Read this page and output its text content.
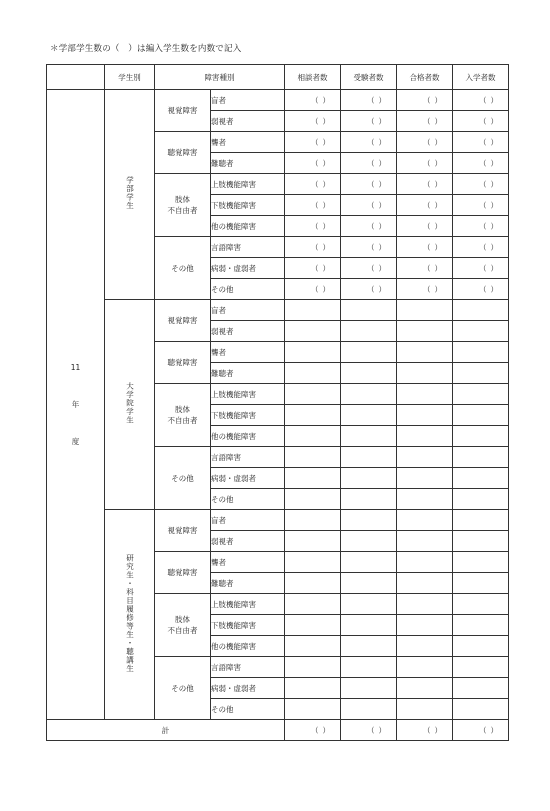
＊学部学生数の（　）は編入学生数を内数で記入
	学生別	障害種別		相談者数	受験者数	合格者数	入学者数

11
年
度	学部学生	視覚障害	盲者	（ ）	（ ）	（ ）	（ ）

			弱視者	（ ）	（ ）	（ ）	（ ）

		聴覚障害	聾者	（ ）	（ ）	（ ）	（ ）

			難聴者	（ ）	（ ）	（ ）	（ ）

		肢体
不自由者	上肢機能障害	（ ）	（ ）	（ ）	（ ）

			下肢機能障害	（ ）	（ ）	（ ）	（ ）

			他の機能障害	（ ）	（ ）	（ ）	（ ）

		その他	言語障害	（ ）	（ ）	（ ）	（ ）

			病弱・虚弱者	（ ）	（ ）	（ ）	（ ）

			その他	（ ）	（ ）	（ ）	（ ）

	大学院学生	視覚障害	盲者				
			弱視者				
		聴覚障害	聾者				
			難聴者				
		肢体
不自由者	上肢機能障害				
			下肢機能障害				
			他の機能障害				
		その他	言語障害				
			病弱・虚弱者				
			その他				
	研究生・科目履修等生・聴講生	視覚障害	盲者				
			弱視者				
		聴覚障害	聾者				
			難聴者				
		肢体
不自由者	上肢機能障害				
			下肢機能障害				
			他の機能障害				
		その他	言語障害				
			病弱・虚弱者				
			その他				
計				（ ）	（ ）	（ ）	（ ）
